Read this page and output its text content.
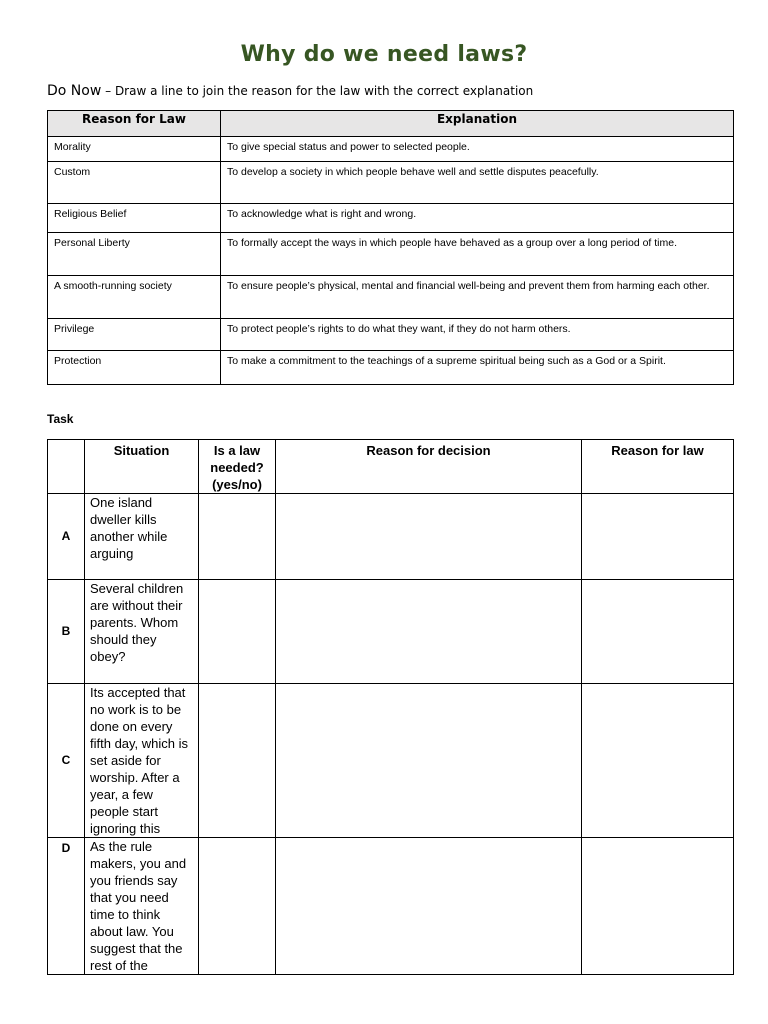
Why do we need laws?
Do Now – Draw a line to join the reason for the law with the correct explanation
Reason for Law	Explanation
Morality	To give special status and power to selected people.
Custom	To develop a society in which people behave well and settle disputes peacefully.
Religious Belief	To acknowledge what is right and wrong.
Personal Liberty	To formally accept the ways in which people have behaved as a group over a long period of time.
A smooth-running society	To ensure people’s physical, mental and financial well-being and prevent them from harming each other.
Privilege	To protect people’s rights to do what they want, if they do not harm others.
Protection	To make a commitment to the teachings of a supreme spiritual being such as a God or a Spirit.
Task
	Situation	Is a law needed? (yes/no)	Reason for decision	Reason for law
A	One island dweller kills another while arguing			

B	Several children are without their parents. Whom should they obey?			

C	Its accepted that no work is to be done on every fifth day, which is set aside for worship. After a year, a few people start ignoring this			

D	As the rule makers, you and you friends say that you need time to think about law. You suggest that the rest of the			
